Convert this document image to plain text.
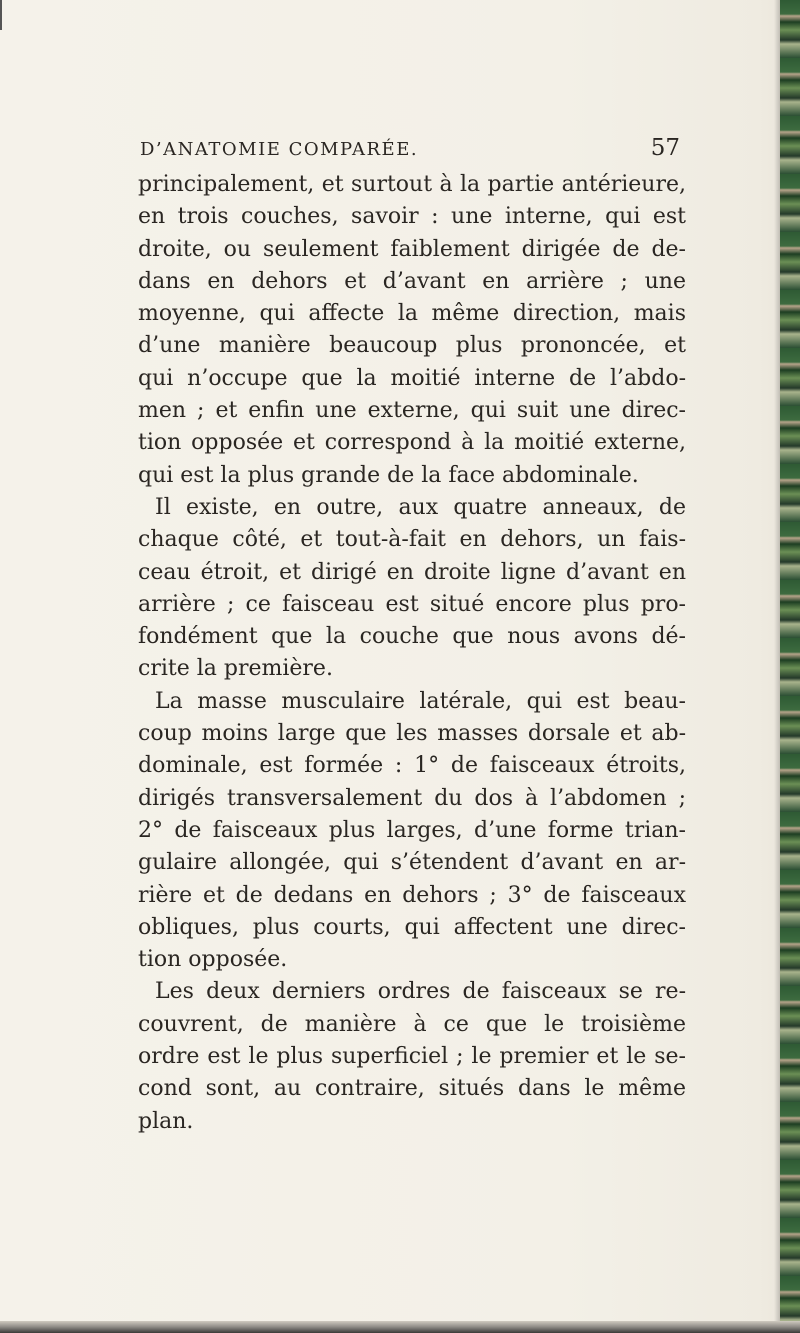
D’ANATOMIE COMPARÉE.	57
principalement, et surtout à la partie antérieure,
en trois couches, savoir : une interne, qui est
droite, ou seulement faiblement dirigée de de-
dans en dehors et d’avant en arrière ; une
moyenne, qui affecte la même direction, mais
d’une manière beaucoup plus prononcée, et
qui n’occupe que la moitié interne de l’abdo-
men ; et enfin une externe, qui suit une direc-
tion opposée et correspond à la moitié externe,
qui est la plus grande de la face abdominale.
Il existe, en outre, aux quatre anneaux, de
chaque côté, et tout-à-fait en dehors, un fais-
ceau étroit, et dirigé en droite ligne d’avant en
arrière ; ce faisceau est situé encore plus pro-
fondément que la couche que nous avons dé-
crite la première.
La masse musculaire latérale, qui est beau-
coup moins large que les masses dorsale et ab-
dominale, est formée : 1° de faisceaux étroits,
dirigés transversalement du dos à l’abdomen ;
2° de faisceaux plus larges, d’une forme trian-
gulaire allongée, qui s’étendent d’avant en ar-
rière et de dedans en dehors ; 3° de faisceaux
obliques, plus courts, qui affectent une direc-
tion opposée.
Les deux derniers ordres de faisceaux se re-
couvrent, de manière à ce que le troisième
ordre est le plus superficiel ; le premier et le se-
cond sont, au contraire, situés dans le même
plan.
